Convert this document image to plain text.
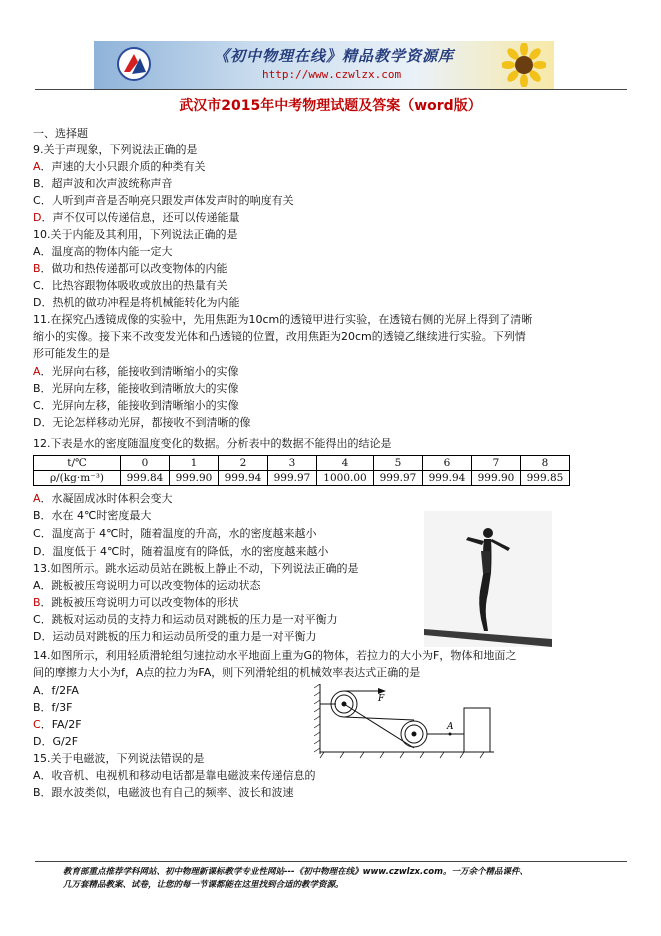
《初中物理在线》精品教学资源库
http://www.czwlzx.com
武汉市2015年中考物理试题及答案（word版）
一、选择题
9.关于声现象，下列说法正确的是
A．声速的大小只跟介质的种类有关
B．超声波和次声波统称声音
C．人听到声音是否响亮只跟发声体发声时的响度有关
D．声不仅可以传递信息，还可以传递能量
10.关于内能及其利用，下列说法正确的是
A．温度高的物体内能一定大
B．做功和热传递都可以改变物体的内能
C．比热容跟物体吸收或放出的热量有关
D．热机的做功冲程是将机械能转化为内能
11.在探究凸透镜成像的实验中，先用焦距为10cm的透镜甲进行实验，在透镜右侧的光屏上得到了清晰
缩小的实像。接下来不改变发光体和凸透镜的位置，改用焦距为20cm的透镜乙继续进行实验。下列情
形可能发生的是
A．光屏向右移，能接收到清晰缩小的实像
B．光屏向左移，能接收到清晰放大的实像
C．光屏向左移，能接收到清晰缩小的实像
D．无论怎样移动光屏，都接收不到清晰的像
12.下表是水的密度随温度变化的数据。分析表中的数据不能得出的结论是
t/℃	0	1	2	3	4	5	6	7	8
ρ/(kg·m⁻³)	999.84	999.90	999.94	999.97	1000.00	999.97	999.94	999.90	999.85
A．水凝固成冰时体积会变大
B．水在 4℃时密度最大
C．温度高于 4℃时，随着温度的升高，水的密度越来越小
D．温度低于 4℃时，随着温度有的降低，水的密度越来越小
13.如图所示。跳水运动员站在跳板上静止不动，下列说法正确的是
A．跳板被压弯说明力可以改变物体的运动状态
B．跳板被压弯说明力可以改变物体的形状
C．跳板对运动员的支持力和运动员对跳板的压力是一对平衡力
D．运动员对跳板的压力和运动员所受的重力是一对平衡力
14.如图所示，利用轻质滑轮组匀速拉动水平地面上重为G的物体，若拉力的大小为F，物体和地面之
间的摩擦力大小为f，A点的拉力为FA，则下列滑轮组的机械效率表达式正确的是
A．f/2FA
B．f/3F
C．FA/2F
D．G/2F
F
A
15.关于电磁波，下列说法错误的是
A．收音机、电视机和移动电话都是靠电磁波来传递信息的
B．跟水波类似，电磁波也有自己的频率、波长和波速
教育部重点推荐学科网站、初中物理新课标教学专业性网站---《初中物理在线》www.czwlzx.com。一万余个精品课件、
几万套精品教案、试卷，让您的每一节课都能在这里找到合适的教学资源。
